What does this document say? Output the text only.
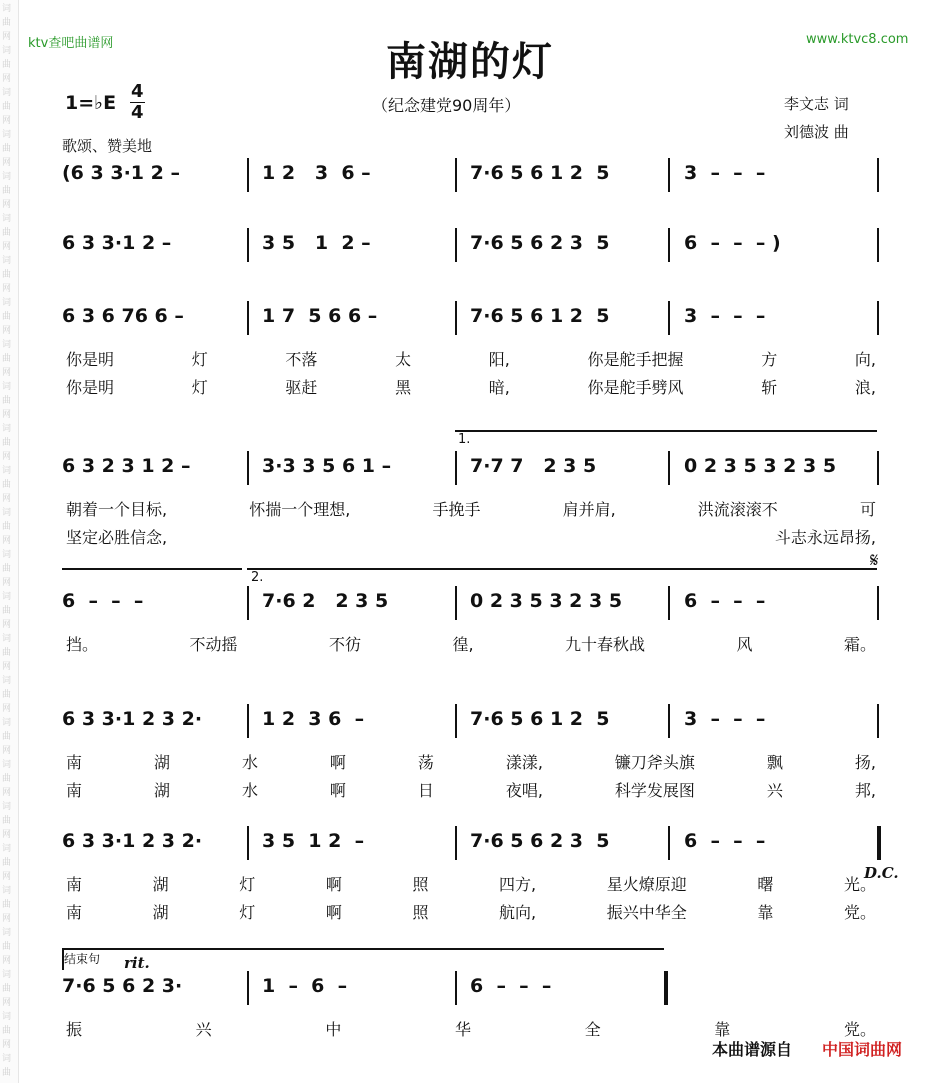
词
曲
网
词
曲
网
词
曲
网
词
曲
网
词
曲
网
词
曲
网
词
曲
网
词
曲
网
词
曲
网
词
曲
网
词
曲
网
词
曲
网
词
曲
网
词
曲
网
词
曲
网
词
曲
网
词
曲
网
词
曲
网
词
曲
网
词
曲
网
词
曲
网
词
曲
网
词
曲
网
词
曲
网
词
曲
网
词
曲
ktv查吧曲谱网	www.ktvc8.com
南湖的灯
（纪念建党90周年）
1=♭E
4
4	李文志 词
刘德波 曲
歌颂、赞美地
(6 3 3·1 2 –	1 2   3  6 –	7·6 5 6 1 2  5	3  –  –  –
6 3 3·1 2 –	3 5   1  2 –	7·6 5 6 2 3  5	6  –  –  – )
6 3 6 76 6 –	1 7  5 6 6 –	7·6 5 6 1 2  5	3  –  –  –
你是明	灯	不落	太	阳,	你是舵手把握	方	向,
你是明	灯	驱赶	黑	暗,	你是舵手劈风	斩	浪,
6 3 2 3 1 2 –	3·3 3 5 6 1 –	7·7 7   2 3 5	0 2 3 5 3 2 3 5
朝着一个目标,	怀揣一个理想,	手挽手	肩并肩,	洪流滚滚不	可
坚定必胜信念,	斗志永远昂扬,
6  –  –  –	7·6 2   2 3 5	0 2 3 5 3 2 3 5	6  –  –  –
挡。	不动摇	不彷	徨,	九十春秋战	风	霜。
6 3 3·1 2 3 2·	1 2  3 6  –	7·6 5 6 1 2  5	3  –  –  –
南	湖	水	啊	荡	漾漾,	镰刀斧头旗	飘	扬,
南	湖	水	啊	日	夜唱,	科学发展图	兴	邦,
6 3 3·1 2 3 2·	3 5  1 2  –	7·6 5 6 2 3  5	6  –  –  –
南	湖	灯	啊	照	四方,	星火燎原迎	曙	光。
南	湖	灯	啊	照	航向,	振兴中华全	靠	党。
7·6 5 6 2 3·	1  –  6  –	6  –  –  –
振	兴	中	华	全	靠	党。
1.
2.
𝄋
D.C.
结束句 rit.
本曲谱源自 中国词曲网
